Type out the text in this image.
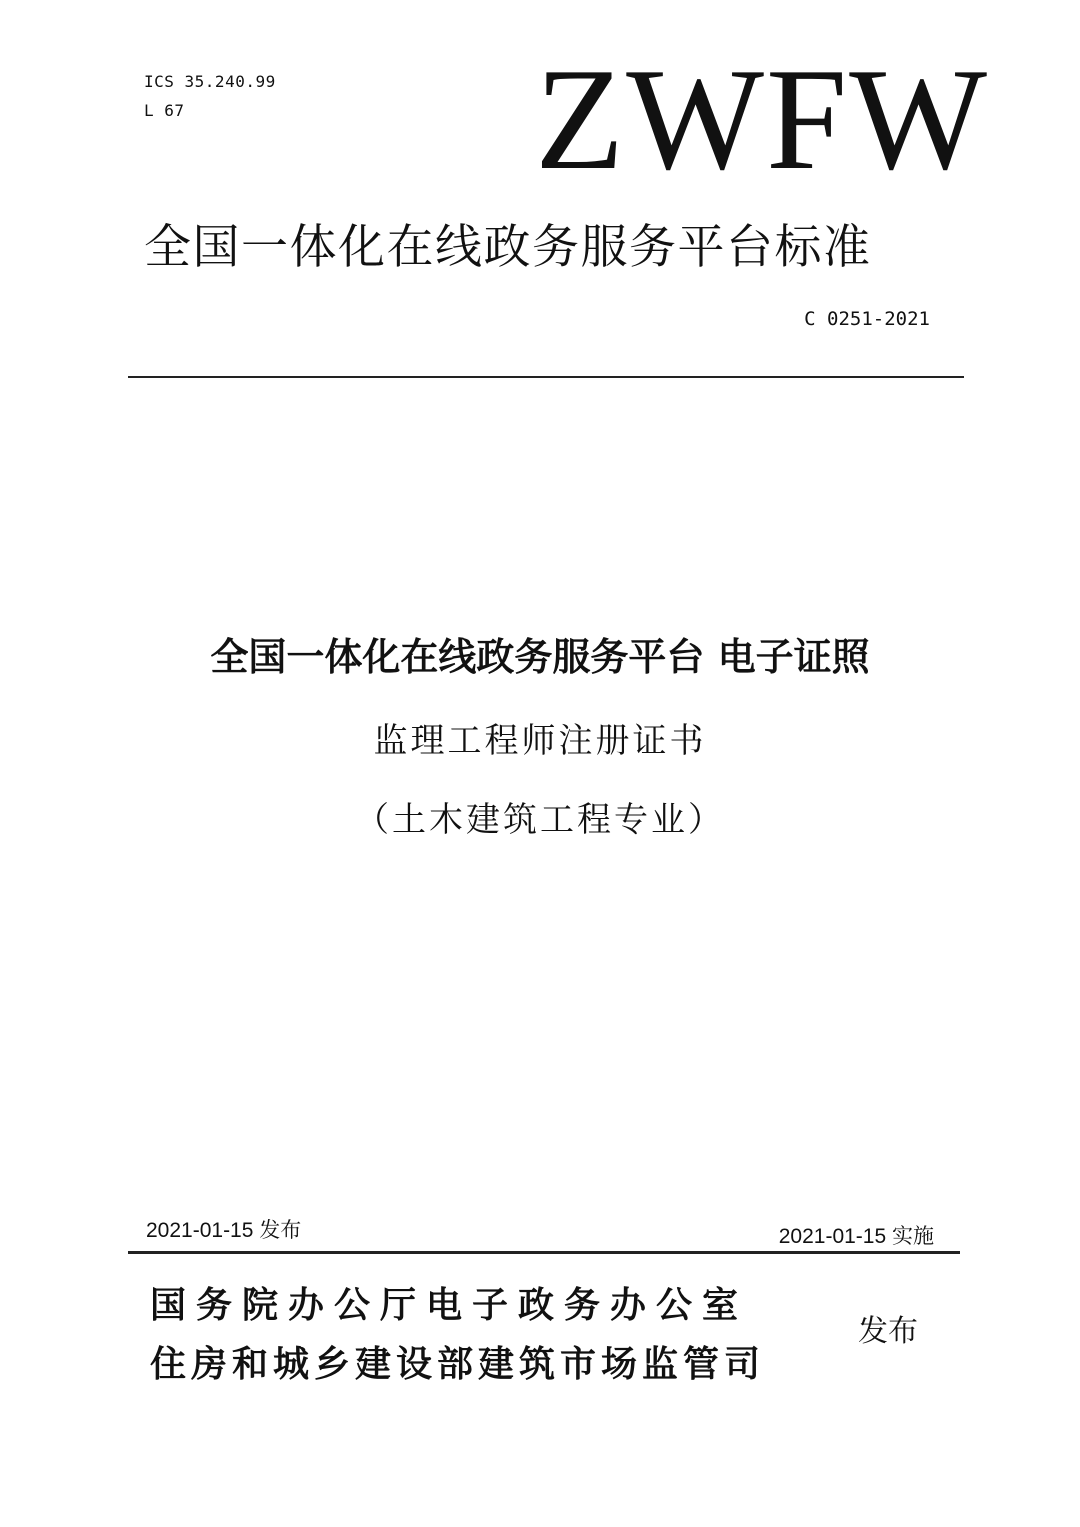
ICS 35.240.99
L 67 ZWFW
全国一体化在线政务服务平台标准
C 0251-2021
全国一体化在线政务服务平台 电子证照
监理工程师注册证书
（土木建筑工程专业）
2021-01-15 发布	2021-01-15 实施
国务院办公厅电子政务办公室
住房和城乡建设部建筑市场监管司
发布
